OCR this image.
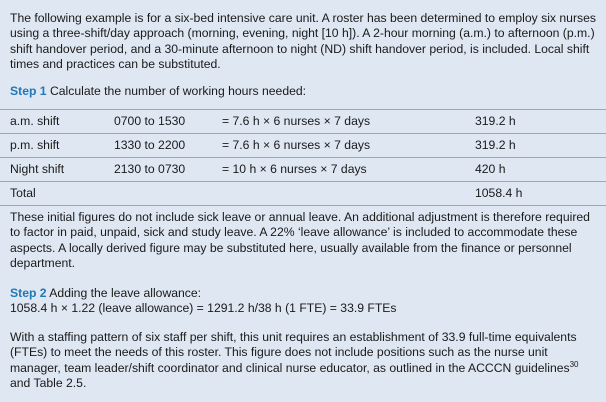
The following example is for a six-bed intensive care unit. A roster has been determined to employ six nurses using a three-shift/day approach (morning, evening, night [10 h]). A 2-hour morning (a.m.) to afternoon (p.m.) shift handover period, and a 30-minute afternoon to night (ND) shift handover period, is included. Local shift times and practices can be substituted.

Step 1 Calculate the number of working hours needed:

a.m. shift	0700 to 1530	= 7.6 h × 6 nurses × 7 days	319.2 h
p.m. shift	1330 to 2200	= 7.6 h × 6 nurses × 7 days	319.2 h
Night shift	2130 to 0730	= 10 h × 6 nurses × 7 days	420 h
Total			1058.4 h

These initial figures do not include sick leave or annual leave. An additional adjustment is therefore required to factor in paid, unpaid, sick and study leave. A 22% ‘leave allowance’ is included to accommodate these aspects. A locally derived figure may be substituted here, usually available from the finance or personnel department.

Step 2 Adding the leave allowance:
1058.4 h × 1.22 (leave allowance) = 1291.2 h/38 h (1 FTE) = 33.9 FTEs

With a staffing pattern of six staff per shift, this unit requires an establishment of 33.9 full-time equivalents (FTEs) to meet the needs of this roster. This figure does not include positions such as the nurse unit manager, team leader/shift coordinator and clinical nurse educator, as outlined in the ACCCN guidelines$^{30}$ and Table 2.5.
